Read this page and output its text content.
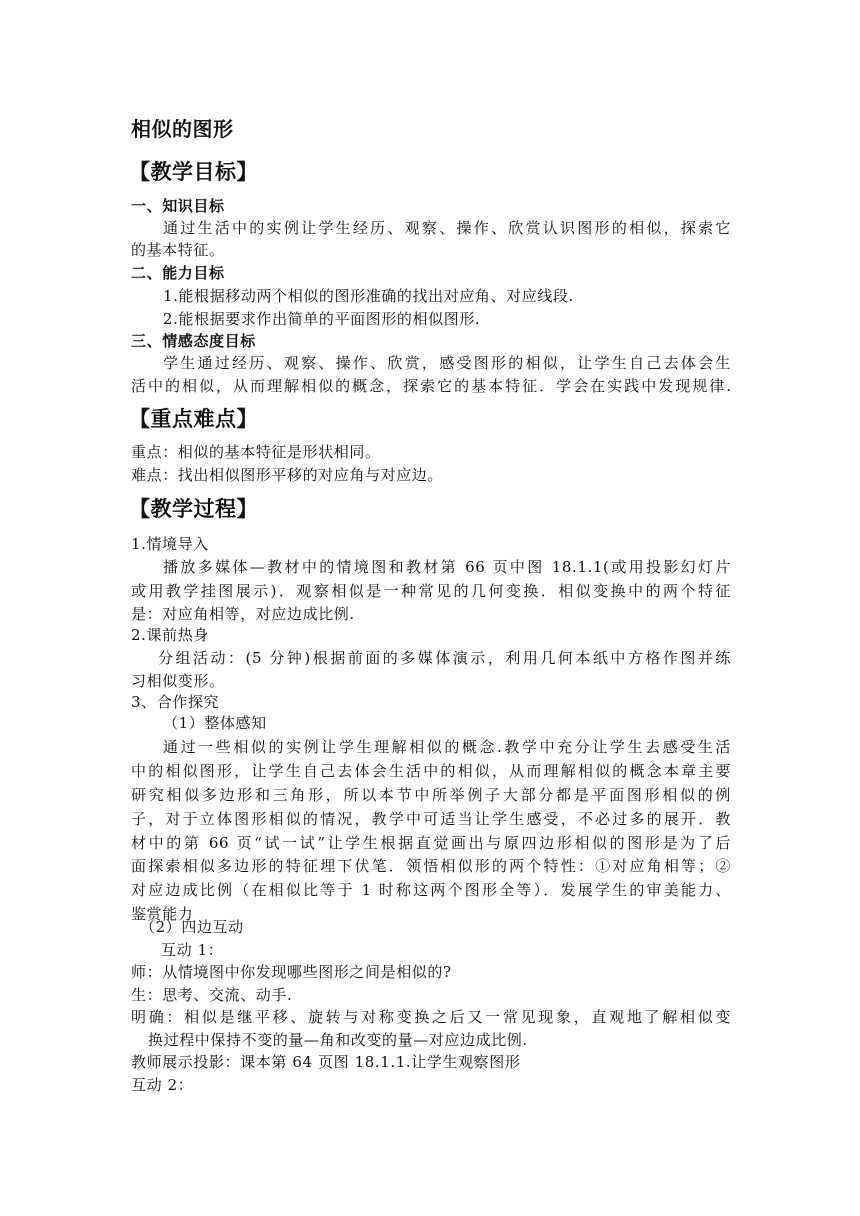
相似的图形
【教学目标】
一、知识目标
通过生活中的实例让学生经历、观察、操作、欣赏认识图形的相似，探索它
的基本特征。
二、能力目标
1.能根据移动两个相似的图形准确的找出对应角、对应线段.
2.能根据要求作出简单的平面图形的相似图形.
三、情感态度目标
学生通过经历、观察、操作、欣赏，感受图形的相似，让学生自己去体会生
活中的相似，从而理解相似的概念，探索它的基本特征．学会在实践中发现规律.
【重点难点】
重点：相似的基本特征是形状相同。
难点：找出相似图形平移的对应角与对应边。
【教学过程】
1.情境导入
播放多媒体—教材中的情境图和教材第 66 页中图 18.1.1(或用投影幻灯片
或用教学挂图展示)．观察相似是一种常见的几何变换．相似变换中的两个特征
是：对应角相等，对应边成比例.
2.课前热身
分组活动：(5 分钟)根据前面的多媒体演示，利用几何本纸中方格作图并练
习相似变形。
3、合作探究
（1）整体感知
通过一些相似的实例让学生理解相似的概念.教学中充分让学生去感受生活
中的相似图形，让学生自己去体会生活中的相似，从而理解相似的概念本章主要
研究相似多边形和三角形，所以本节中所举例子大部分都是平面图形相似的例
子，对于立体图形相似的情况，教学中可适当让学生感受，不必过多的展开．教
材中的第 66 页“试一试”让学生根据直觉画出与原四边形相似的图形是为了后
面探索相似多边形的特征埋下伏笔．领悟相似形的两个特性：①对应角相等；②
对应边成比例（在相似比等于 1 时称这两个图形全等）．发展学生的审美能力、
鉴赏能力
（2）四边互动
互动 1：
师：从情境图中你发现哪些图形之间是相似的?
生：思考、交流、动手.
明确：相似是继平移、旋转与对称变换之后又一常见现象，直观地了解相似变
换过程中保持不变的量—角和改变的量—对应边成比例.
教师展示投影：课本第 64 页图 18.1.1.让学生观察图形
互动 2：
